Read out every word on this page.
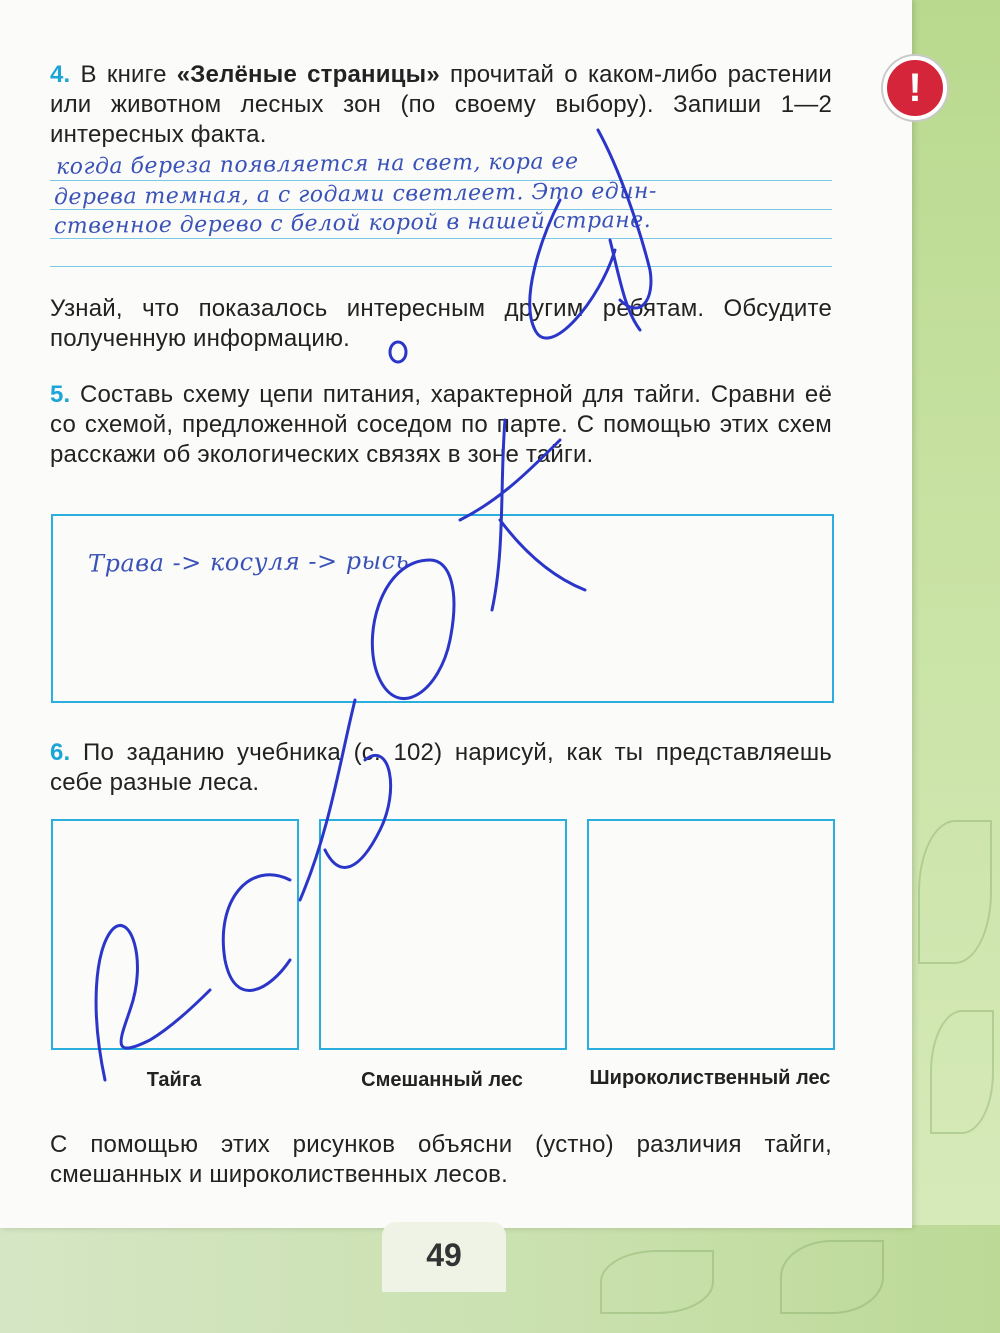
4. В книге «Зелёные страницы» прочитай о каком-либо растении или животном лесных зон (по своему выбору). Запиши 1—2 интересных факта.
когда береза появляется на свет, кора ее
дерева темная, а с годами светлеет. Это един-
ственное дерево с белой корой в нашей стране.
Узнай, что показалось интересным другим ребятам. Обсудите полученную информацию.
5. Составь схему цепи питания, характерной для тайги. Сравни её со схемой, предложенной соседом по парте. С помощью этих схем расскажи об экологических связях в зоне тайги.
Трава -> косуля -> рысь
6. По заданию учебника (с. 102) нарисуй, как ты представляешь себе разные леса.
Тайга	Смешанный лес	Широколиственный лес
С помощью этих рисунков объясни (устно) различия тайги, смешанных и широколиственных лесов.
!
49
сиякий
